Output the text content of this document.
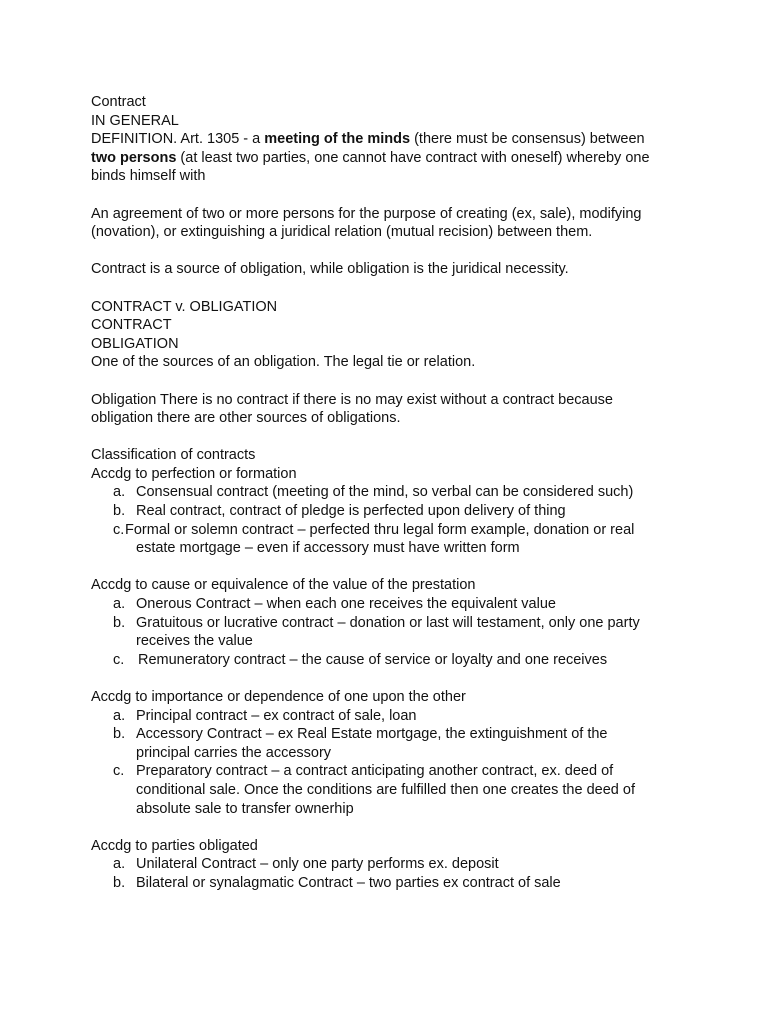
Contract
IN GENERAL
DEFINITION. Art. 1305 - a meeting of the minds (there must be consensus) between
two persons (at least two parties, one cannot have contract with oneself) whereby one
binds himself with
An agreement of two or more persons for the purpose of creating (ex, sale), modifying
(novation), or extinguishing a juridical relation (mutual recision) between them.
Contract is a source of obligation, while obligation is the juridical necessity.
CONTRACT v. OBLIGATION
CONTRACT
OBLIGATION
One of the sources of an obligation. The legal tie or relation.
Obligation There is no contract if there is no may exist without a contract because
obligation there are other sources of obligations.
Classification of contracts
Accdg to perfection or formation
a. Consensual contract (meeting of the mind, so verbal can be considered such)
b. Real contract, contract of pledge is perfected upon delivery of thing
c. Formal or solemn contract – perfected thru legal form example, donation or real
estate mortgage – even if accessory must have written form
Accdg to cause or equivalence of the value of the prestation
a. Onerous Contract – when each one receives the equivalent value
b. Gratuitous or lucrative contract – donation or last will testament, only one party
receives the value
c. Remuneratory contract – the cause of service or loyalty and one receives
Accdg to importance or dependence of one upon the other
a. Principal contract – ex contract of sale, loan
b. Accessory Contract – ex Real Estate mortgage, the extinguishment of the
principal carries the accessory
c. Preparatory contract – a contract anticipating another contract, ex. deed of
conditional sale. Once the conditions are fulfilled then one creates the deed of
absolute sale to transfer ownerhip
Accdg to parties obligated
a. Unilateral Contract – only one party performs ex. deposit
b. Bilateral or synalagmatic Contract – two parties ex contract of sale
